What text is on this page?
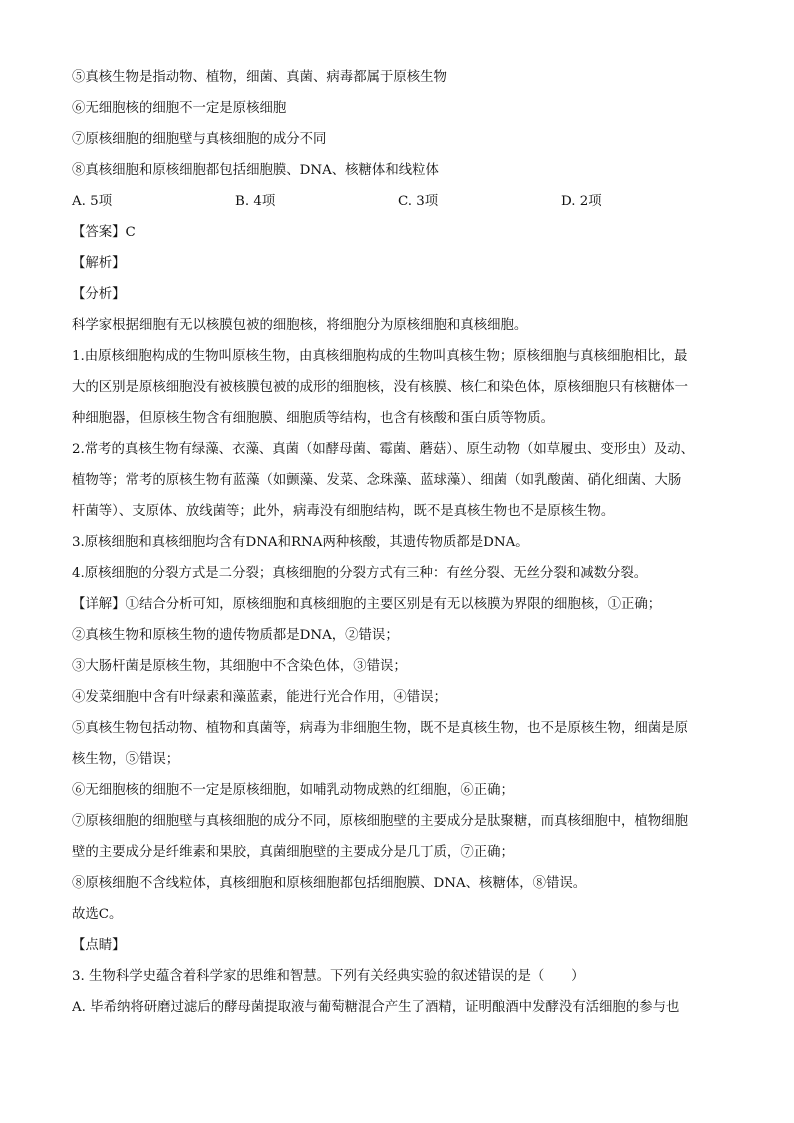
⑤真核生物是指动物、植物，细菌、真菌、病毒都属于原核生物
⑥无细胞核的细胞不一定是原核细胞
⑦原核细胞的细胞壁与真核细胞的成分不同
⑧真核细胞和原核细胞都包括细胞膜、DNA、核糖体和线粒体
A. 5项	B. 4项	C. 3项	D. 2项
【答案】C
【解析】
【分析】
科学家根据细胞有无以核膜包被的细胞核，将细胞分为原核细胞和真核细胞。
1.由原核细胞构成的生物叫原核生物，由真核细胞构成的生物叫真核生物；原核细胞与真核细胞相比，最
大的区别是原核细胞没有被核膜包被的成形的细胞核，没有核膜、核仁和染色体，原核细胞只有核糖体一
种细胞器，但原核生物含有细胞膜、细胞质等结构，也含有核酸和蛋白质等物质。
2.常考的真核生物有绿藻、衣藻、真菌（如酵母菌、霉菌、蘑菇）、原生动物（如草履虫、变形虫）及动、
植物等；常考的原核生物有蓝藻（如颤藻、发菜、念珠藻、蓝球藻）、细菌（如乳酸菌、硝化细菌、大肠
杆菌等）、支原体、放线菌等；此外，病毒没有细胞结构，既不是真核生物也不是原核生物。
3.原核细胞和真核细胞均含有DNA和RNA两种核酸，其遗传物质都是DNA。
4.原核细胞的分裂方式是二分裂；真核细胞的分裂方式有三种：有丝分裂、无丝分裂和减数分裂。
【详解】①结合分析可知，原核细胞和真核细胞的主要区别是有无以核膜为界限的细胞核，①正确；
②真核生物和原核生物的遗传物质都是DNA，②错误；
③大肠杆菌是原核生物，其细胞中不含染色体，③错误；
④发菜细胞中含有叶绿素和藻蓝素，能进行光合作用，④错误；
⑤真核生物包括动物、植物和真菌等，病毒为非细胞生物，既不是真核生物，也不是原核生物，细菌是原
核生物，⑤错误；
⑥无细胞核的细胞不一定是原核细胞，如哺乳动物成熟的红细胞，⑥正确；
⑦原核细胞的细胞壁与真核细胞的成分不同，原核细胞壁的主要成分是肽聚糖，而真核细胞中，植物细胞
壁的主要成分是纤维素和果胶，真菌细胞壁的主要成分是几丁质，⑦正确；
⑧原核细胞不含线粒体，真核细胞和原核细胞都包括细胞膜、DNA、核糖体，⑧错误。
故选C。
【点睛】
3. 生物科学史蕴含着科学家的思维和智慧。下列有关经典实验的叙述错误的是（　　）
A. 毕希纳将研磨过滤后的酵母菌提取液与葡萄糖混合产生了酒精，证明酿酒中发酵没有活细胞的参与也
